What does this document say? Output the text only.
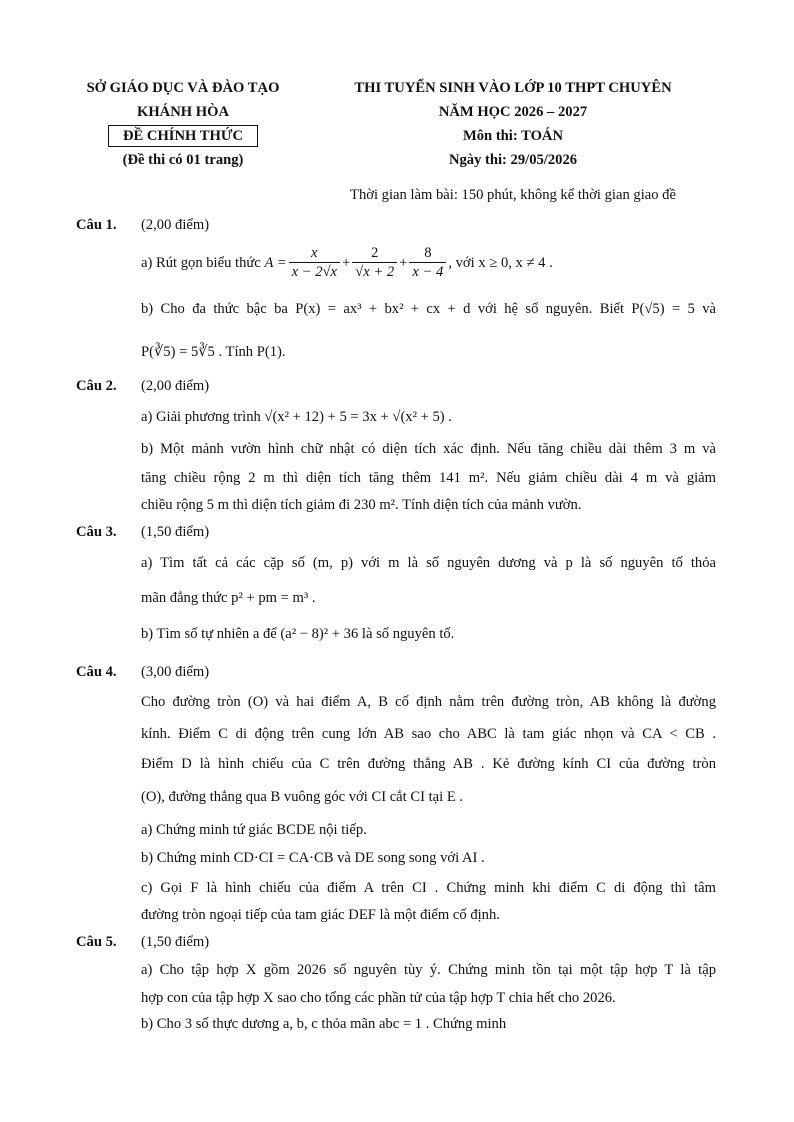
SỞ GIÁO DỤC VÀ ĐÀO TẠO
KHÁNH HÒA
ĐỀ CHÍNH THỨC
(Đề thi có 01 trang)
THI TUYỂN SINH VÀO LỚP 10 THPT CHUYÊN
NĂM HỌC 2026 – 2027
Môn thi: TOÁN
Ngày thi: 29/05/2026
Thời gian làm bài: 150 phút, không kể thời gian giao đề
Câu 1. (2,00 điểm)
a) Rút gọn biểu thức
$A = \frac{x}{x - 2√x} + \frac{2}{√x + 2} + \frac{8}{x - 4}$ , với x ≥ 0, x ≠ 4 .
b) Cho đa thức bậc ba P(x) = ax³ + bx² + cx + d với hệ số nguyên. Biết P(√5) = 5 và
P(∛5) = 5∛5 . Tính P(1).
Câu 2. (2,00 điểm)
a) Giải phương trình √(x² + 12) + 5 = 3x + √(x² + 5) .
b) Một mảnh vườn hình chữ nhật có diện tích xác định. Nếu tăng chiều dài thêm 3 m và
tăng chiều rộng 2 m thì diện tích tăng thêm 141 m². Nếu giảm chiều dài 4 m và giảm
chiều rộng 5 m thì diện tích giảm đi 230 m². Tính diện tích của mảnh vườn.
Câu 3. (1,50 điểm)
a) Tìm tất cả các cặp số (m, p) với m là số nguyên dương và p là số nguyên tố thỏa
mãn đẳng thức p² + pm = m³ .
b) Tìm số tự nhiên a để (a² − 8)² + 36 là số nguyên tố.
Câu 4. (3,00 điểm)
Cho đường tròn (O) và hai điểm A, B cố định nằm trên đường tròn, AB không là đường
kính. Điểm C di động trên cung lớn AB sao cho ABC là tam giác nhọn và CA < CB .
Điểm D là hình chiếu của C trên đường thẳng AB . Kẻ đường kính CI của đường tròn
(O), đường thẳng qua B vuông góc với CI cắt CI tại E .
a) Chứng minh tứ giác BCDE nội tiếp.
b) Chứng minh CD·CI = CA·CB và DE song song với AI .
c) Gọi F là hình chiếu của điểm A trên CI . Chứng minh khi điểm C di động thì tâm
đường tròn ngoại tiếp của tam giác DEF là một điểm cố định.
Câu 5. (1,50 điểm)
a) Cho tập hợp X gồm 2026 số nguyên tùy ý. Chứng minh tồn tại một tập hợp T là tập
hợp con của tập hợp X sao cho tổng các phần tử của tập hợp T chia hết cho 2026.
b) Cho 3 số thực dương a, b, c thỏa mãn abc = 1 . Chứng minh
